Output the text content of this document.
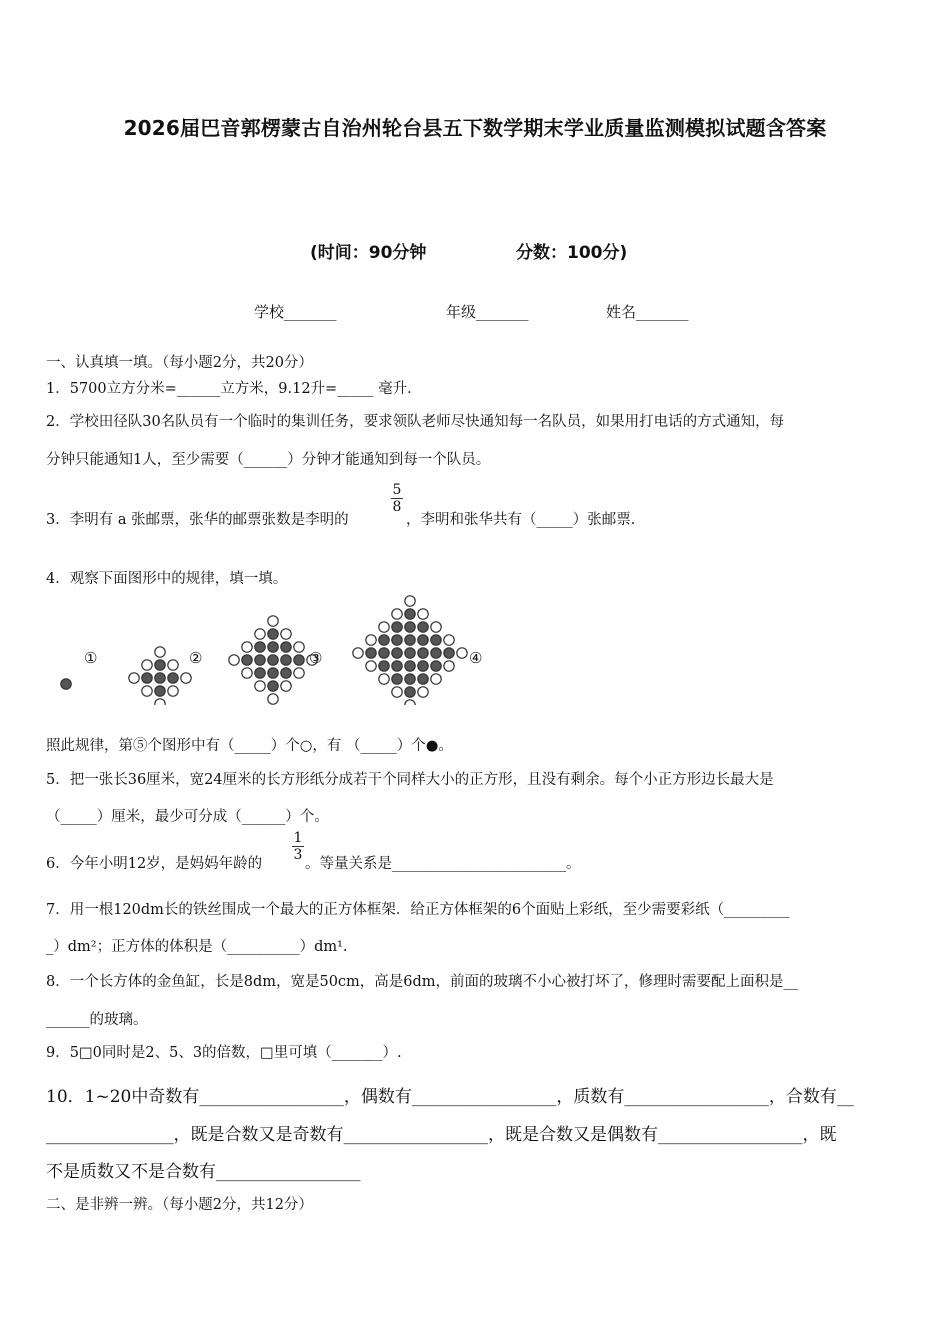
2026届巴音郭楞蒙古自治州轮台县五下数学期末学业质量监测模拟试题含答案
(时间：90分钟	分数：100分)
学校_______	年级_______	姓名_______
一、认真填一填。（每小题2分，共20分）
1．5700立方分米=______立方米，9.12升=_____ 毫升．
2．学校田径队30名队员有一个临时的集训任务，要求领队老师尽快通知每一名队员，如果用打电话的方式通知，每
分钟只能通知1人，至少需要（______）分钟才能通知到每一个队员。
3．李明有 a 张邮票，张华的邮票张数是李明的
5
8
，李明和张华共有（_____）张邮票.
4．观察下面图形中的规律，填一填。
①	②	③	④
照此规律，第⑤个图形中有（_____）个○，有 （_____）个●。
5．把一张长36厘米，宽24厘米的长方形纸分成若干个同样大小的正方形，且没有剩余。每个小正方形边长最大是
（_____）厘米，最少可分成（______）个。
6．今年小明12岁，是妈妈年龄的
1
3
。等量关系是________________________。
7．用一根120dm长的铁丝围成一个最大的正方体框架．给正方体框架的6个面贴上彩纸，至少需要彩纸（_________
_）dm²；正方体的体积是（__________）dm¹.
8．一个长方体的金鱼缸，长是8dm，宽是50cm，高是6dm，前面的玻璃不小心被打坏了，修理时需要配上面积是__
______的玻璃。
9．5□0同时是2、5、3的倍数，□里可填（_______）.
10．1~20中奇数有_________________，偶数有_________________，质数有_________________，合数有__
_______________，既是合数又是奇数有_________________，既是合数又是偶数有_________________，既
不是质数又不是合数有_________________
二、是非辨一辨。（每小题2分，共12分）
